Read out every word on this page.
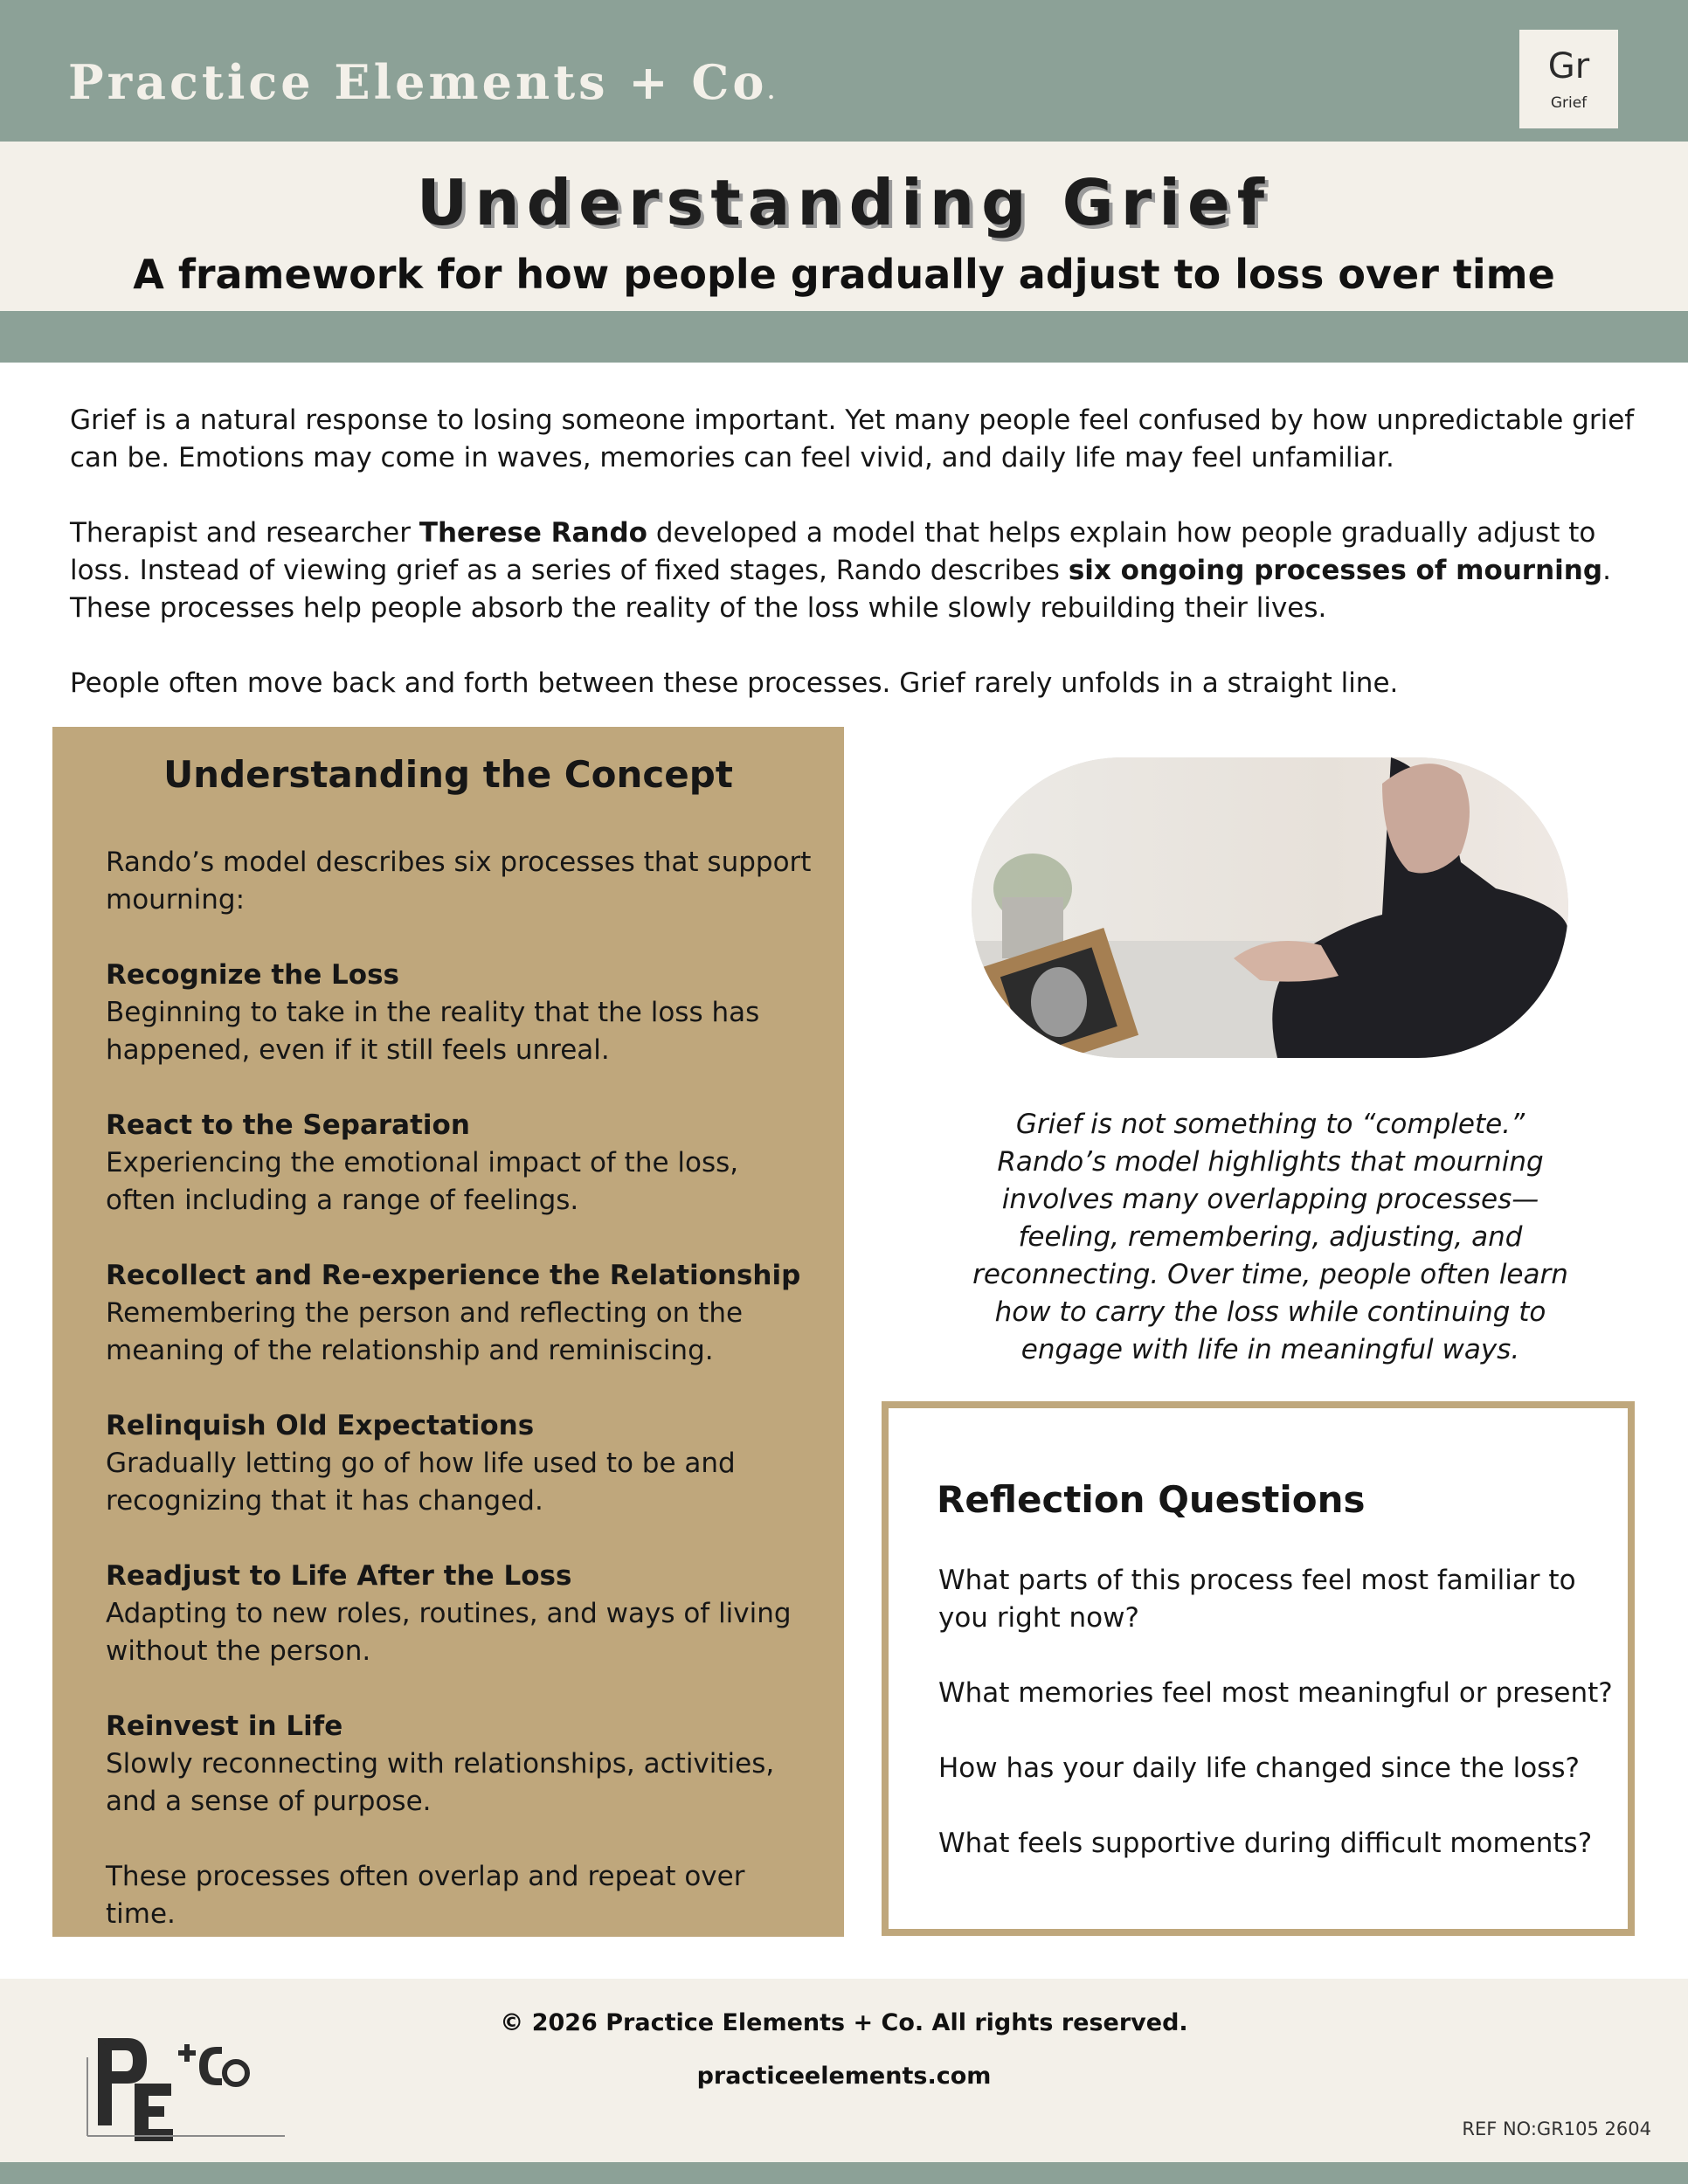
Practice Elements + Co.
Gr
Grief
Understanding Grief
A framework for how people gradually adjust to loss over time

Grief is a natural response to losing someone important. Yet many people feel confused by how unpredictable grief can be. Emotions may come in waves, memories can feel vivid, and daily life may feel unfamiliar.

Therapist and researcher Therese Rando developed a model that helps explain how people gradually adjust to loss. Instead of viewing grief as a series of fixed stages, Rando describes six ongoing processes of mourning. These processes help people absorb the reality of the loss while slowly rebuilding their lives.

People often move back and forth between these processes. Grief rarely unfolds in a straight line.

Understanding the Concept
Rando’s model describes six processes that support mourning:
Recognize the Loss
Beginning to take in the reality that the loss has happened, even if it still feels unreal.
React to the Separation
Experiencing the emotional impact of the loss, often including a range of feelings.
Recollect and Re-experience the Relationship
Remembering the person and reflecting on the meaning of the relationship and reminiscing.
Relinquish Old Expectations
Gradually letting go of how life used to be and recognizing that it has changed.
Readjust to Life After the Loss
Adapting to new roles, routines, and ways of living without the person.
Reinvest in Life
Slowly reconnecting with relationships, activities, and a sense of purpose.
These processes often overlap and repeat over time.
Grief is not something to “complete.” Rando’s model highlights that mourning involves many overlapping processes—feeling, remembering, adjusting, and reconnecting. Over time, people often learn how to carry the loss while continuing to engage with life in meaningful ways.
Reflection Questions
What parts of this process feel most familiar to you right now?
What memories feel most meaningful or present?
How has your daily life changed since the loss?
What feels supportive during difficult moments?
© 2026 Practice Elements + Co. All rights reserved.
practiceelements.com
REF NO:GR105 2604
